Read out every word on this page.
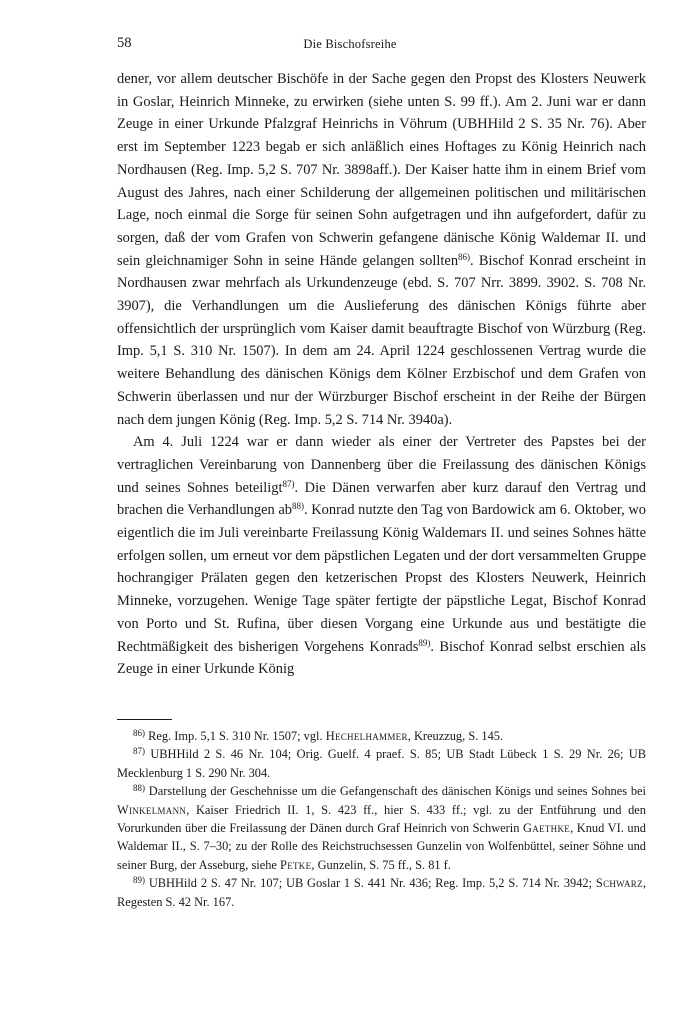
58	Die Bischofsreihe

dener, vor allem deutscher Bischöfe in der Sache gegen den Propst des Klosters Neuwerk in Goslar, Heinrich Minneke, zu erwirken (siehe unten S. 99 ff.). Am 2. Juni war er dann Zeuge in einer Urkunde Pfalzgraf Heinrichs in Vöhrum (UBHHild 2 S. 35 Nr. 76). Aber erst im September 1223 begab er sich anläßlich eines Hoftages zu König Heinrich nach Nordhausen (Reg. Imp. 5,2 S. 707 Nr. 3898aff.). Der Kaiser hatte ihm in einem Brief vom August des Jahres, nach einer Schilderung der allgemeinen politischen und militärischen Lage, noch einmal die Sorge für seinen Sohn aufgetragen und ihn aufgefordert, dafür zu sorgen, daß der vom Grafen von Schwerin gefangene dänische König Waldemar II. und sein gleichnamiger Sohn in seine Hände gelangen sollten$^{86)}$. Bischof Konrad erscheint in Nordhausen zwar mehrfach als Urkundenzeuge (ebd. S. 707 Nrr. 3899. 3902. S. 708 Nr. 3907), die Verhandlungen um die Auslieferung des dänischen Königs führte aber offensichtlich der ursprünglich vom Kaiser damit beauftragte Bischof von Würzburg (Reg. Imp. 5,1 S. 310 Nr. 1507). In dem am 24. April 1224 geschlossenen Vertrag wurde die weitere Behandlung des dänischen Königs dem Kölner Erzbischof und dem Grafen von Schwerin überlassen und nur der Würzburger Bischof erscheint in der Reihe der Bürgen nach dem jungen König (Reg. Imp. 5,2 S. 714 Nr. 3940a).

Am 4. Juli 1224 war er dann wieder als einer der Vertreter des Papstes bei der vertraglichen Vereinbarung von Dannenberg über die Freilassung des dänischen Königs und seines Sohnes beteiligt$^{87)}$. Die Dänen verwarfen aber kurz darauf den Vertrag und brachen die Verhandlungen $ab^{88)}$. Konrad nutzte den Tag von Bardowick am 6. Oktober, wo eigentlich die im Juli vereinbarte Freilassung König Waldemars II. und seines Sohnes hätte erfolgen sollen, um erneut vor dem päpstlichen Legaten und der dort versammelten Gruppe hochrangiger Prälaten gegen den ketzerischen Propst des Klosters Neuwerk, Heinrich Minneke, vorzugehen. Wenige Tage später fertigte der päpstliche Legat, Bischof Konrad von Porto und St. Rufina, über diesen Vorgang eine Urkunde aus und bestätigte die Rechtmäßigkeit des bisherigen Vorgehens Konrads$^{89)}$. Bischof Konrad selbst erschien als Zeuge in einer Urkunde König

$^{86)}$ Reg. Imp. 5,1 S. 310 Nr. 1507; vgl. Hechelhammer, Kreuzzug, S. 145.

$^{87)}$ UBHHild 2 S. 46 Nr. 104; Orig. Guelf. 4 praef. S. 85; UB Stadt Lübeck 1 S. 29 Nr. 26; UB Mecklenburg 1 S. 290 Nr. 304.

$^{88)}$ Darstellung der Geschehnisse um die Gefangenschaft des dänischen Königs und seines Sohnes bei Winkelmann, Kaiser Friedrich II. 1, S. 423 ff., hier S. 433 ff.; vgl. zu der Entführung und den Vorurkunden über die Freilassung der Dänen durch Graf Heinrich von Schwerin Gaethke, Knud VI. und Waldemar II., S. 7–30; zu der Rolle des Reichstruchsessen Gunzelin von Wolfenbüttel, seiner Söhne und seiner Burg, der Asseburg, siehe Petke, Gunzelin, S. 75 ff., S. 81 f.

$^{89)}$ UBHHild 2 S. 47 Nr. 107; UB Goslar 1 S. 441 Nr. 436; Reg. Imp. 5,2 S. 714 Nr. 3942; Schwarz, Regesten S. 42 Nr. 167.
